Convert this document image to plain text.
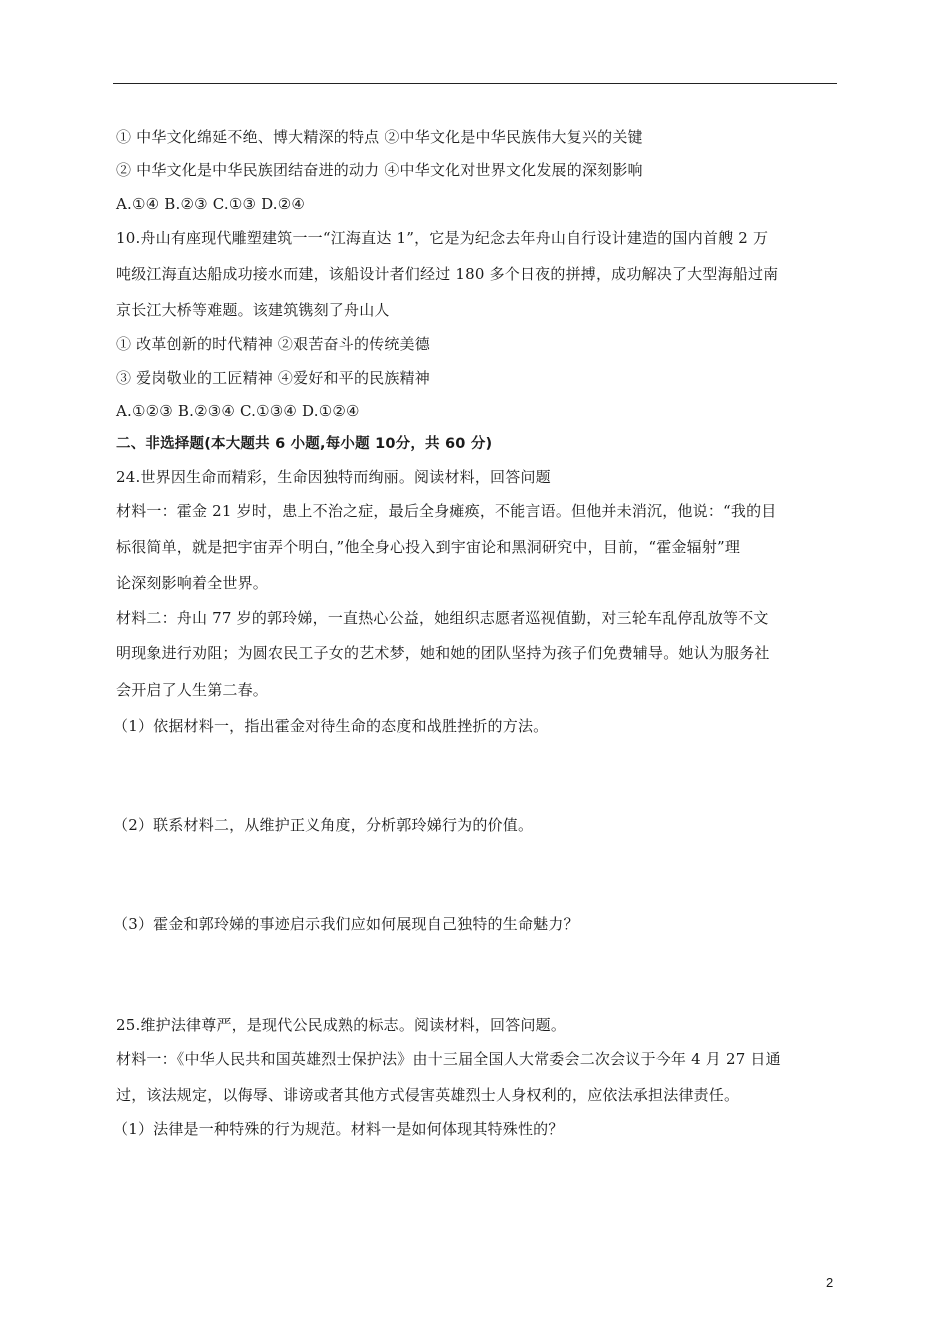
① 中华文化绵延不绝、博大精深的特点 ②中华文化是中华民族伟大复兴的关键
② 中华文化是中华民族团结奋进的动力 ④中华文化对世界文化发展的深刻影响
A.①④ B.②③ C.①③ D.②④
10.舟山有座现代雕塑建筑一一“江海直达 1”，它是为纪念去年舟山自行设计建造的国内首艘 2 万
吨级江海直达船成功接水而建，该船设计者们经过 180 多个日夜的拼搏，成功解决了大型海船过南
京长江大桥等难题。该建筑镌刻了舟山人
① 改革创新的时代精神 ②艰苦奋斗的传统美德
③ 爱岗敬业的工匠精神 ④爱好和平的民族精神
A.①②③ B.②③④ C.①③④ D.①②④
二、非选择题(本大题共 6 小题,每小题 10分，共 60 分)
24.世界因生命而精彩，生命因独特而绚丽。阅读材料，回答问题
材料一：霍金 21 岁时，患上不治之症，最后全身瘫痪，不能言语。但他并未消沉，他说：“我的目
标很简单，就是把宇宙弄个明白，”他全身心投入到宇宙论和黑洞研究中，目前，“霍金辐射”理
论深刻影响着全世界。
材料二：舟山 77 岁的郭玲娣，一直热心公益，她组织志愿者巡视值勤，对三轮车乱停乱放等不文
明现象进行劝阻；为圆农民工子女的艺术梦，她和她的团队坚持为孩子们免费辅导。她认为服务社
会开启了人生第二春。
（1）依据材料一，指出霍金对待生命的态度和战胜挫折的方法。
（2）联系材料二，从维护正义角度，分析郭玲娣行为的价值。
（3）霍金和郭玲娣的事迹启示我们应如何展现自己独特的生命魅力？
25.维护法律尊严，是现代公民成熟的标志。阅读材料，回答问题。
材料一：《中华人民共和国英雄烈士保护法》由十三届全国人大常委会二次会议于今年 4 月 27 日通
过，该法规定，以侮辱、诽谤或者其他方式侵害英雄烈士人身权利的，应依法承担法律责任。
（1）法律是一种特殊的行为规范。材料一是如何体现其特殊性的？
2
